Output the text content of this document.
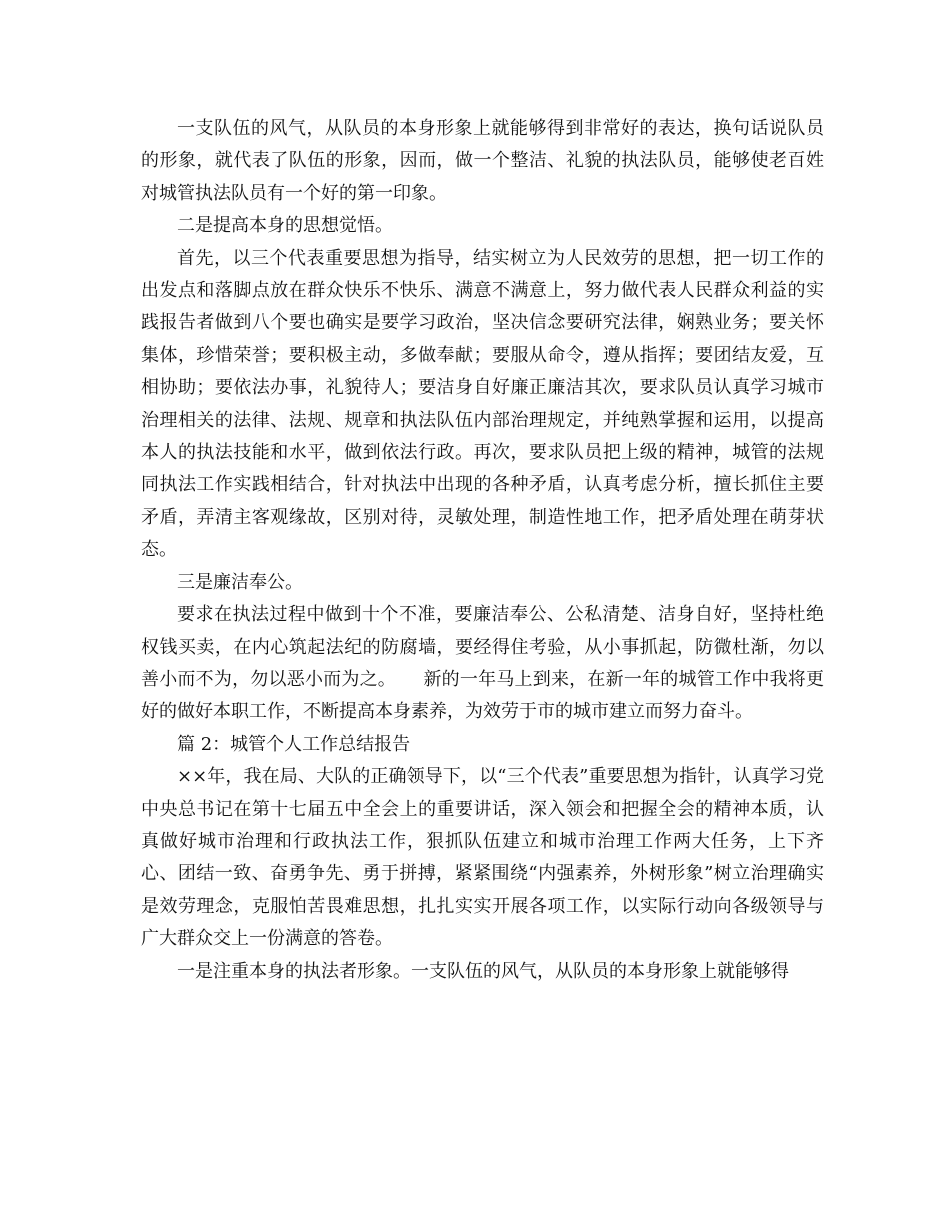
一支队伍的风气，从队员的本身形象上就能够得到非常好的表达，换句话说队员的形象，就代表了队伍的形象，因而，做一个整洁、礼貌的执法队员，能够使老百姓对城管执法队员有一个好的第一印象。

二是提高本身的思想觉悟。

首先，以三个代表重要思想为指导，结实树立为人民效劳的思想，把一切工作的出发点和落脚点放在群众快乐不快乐、满意不满意上，努力做代表人民群众利益的实践报告者做到八个要也确实是要学习政治，坚决信念要研究法律，娴熟业务；要关怀集体，珍惜荣誉；要积极主动，多做奉献；要服从命令，遵从指挥；要团结友爱，互相协助；要依法办事，礼貌待人；要洁身自好廉正廉洁其次，要求队员认真学习城市治理相关的法律、法规、规章和执法队伍内部治理规定，并纯熟掌握和运用，以提高本人的执法技能和水平，做到依法行政。再次，要求队员把上级的精神，城管的法规同执法工作实践相结合，针对执法中出现的各种矛盾，认真考虑分析，擅长抓住主要矛盾，弄清主客观缘故，区别对待，灵敏处理，制造性地工作，把矛盾处理在萌芽状态。

三是廉洁奉公。

要求在执法过程中做到十个不准，要廉洁奉公、公私清楚、洁身自好，坚持杜绝权钱买卖，在内心筑起法纪的防腐墙，要经得住考验，从小事抓起，防微杜渐，勿以善小而不为，勿以恶小而为之。　　新的一年马上到来，在新一年的城管工作中我将更好的做好本职工作，不断提高本身素养，为效劳于市的城市建立而努力奋斗。

篇 2：城管个人工作总结报告

××年，我在局、大队的正确领导下，以“三个代表”重要思想为指针，认真学习党中央总书记在第十七届五中全会上的重要讲话，深入领会和把握全会的精神本质，认真做好城市治理和行政执法工作，狠抓队伍建立和城市治理工作两大任务，上下齐心、团结一致、奋勇争先、勇于拼搏，紧紧围绕“内强素养，外树形象”树立治理确实是效劳理念，克服怕苦畏难思想，扎扎实实开展各项工作，以实际行动向各级领导与广大群众交上一份满意的答卷。

一是注重本身的执法者形象。一支队伍的风气，从队员的本身形象上就能够得
